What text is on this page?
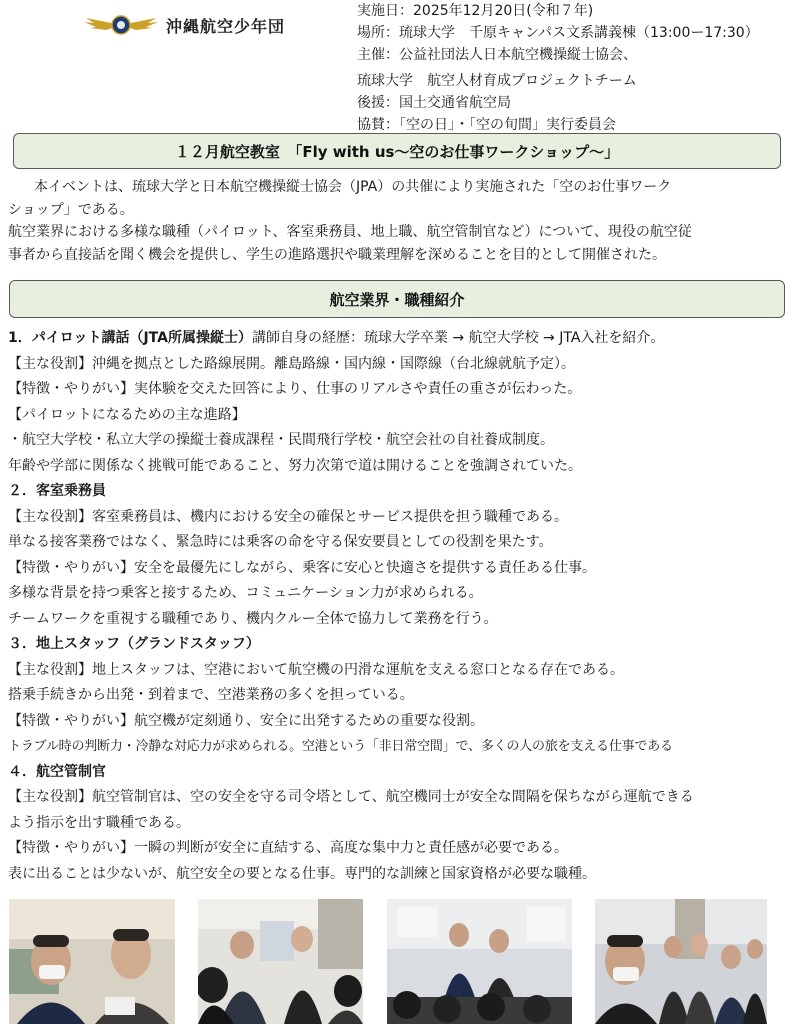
沖縄航空少年団
実施日：2025年12月20日(令和７年)
場所：琉球大学　千原キャンパス文系講義棟（13:00ー17:30）
主催：公益社団法人日本航空機操縦士協会、
琉球大学　航空人材育成プロジェクトチーム
後援：国土交通省航空局
協賛：「空の日」・「空の旬間」実行委員会
１２月航空教室　「Fly with us～空のお仕事ワークショップ～」
本イベントは、琉球大学と日本航空機操縦士協会（JPA）の共催により実施された「空のお仕事ワーク
ショップ」である。
航空業界における多様な職種（パイロット、客室乗務員、地上職、航空管制官など）について、現役の航空従
事者から直接話を聞く機会を提供し、学生の進路選択や職業理解を深めることを目的として開催された。
航空業界・職種紹介
1．パイロット講話（JTA所属操縦士）講師自身の経歴：琉球大学卒業 → 航空大学校 → JTA入社を紹介。
【主な役割】沖縄を拠点とした路線展開。離島路線・国内線・国際線（台北線就航予定）。
【特徴・やりがい】実体験を交えた回答により、仕事のリアルさや責任の重さが伝わった。
【パイロットになるための主な進路】
・航空大学校・私立大学の操縦士養成課程・民間飛行学校・航空会社の自社養成制度。
年齢や学部に関係なく挑戦可能であること、努力次第で道は開けることを強調されていた。
２．客室乗務員
【主な役割】客室乗務員は、機内における安全の確保とサービス提供を担う職種である。
単なる接客業務ではなく、緊急時には乗客の命を守る保安要員としての役割を果たす。
【特徴・やりがい】安全を最優先にしながら、乗客に安心と快適さを提供する責任ある仕事。
多様な背景を持つ乗客と接するため、コミュニケーション力が求められる。
チームワークを重視する職種であり、機内クルー全体で協力して業務を行う。
３．地上スタッフ（グランドスタッフ）
【主な役割】地上スタッフは、空港において航空機の円滑な運航を支える窓口となる存在である。
搭乗手続きから出発・到着まで、空港業務の多くを担っている。
【特徴・やりがい】航空機が定刻通り、安全に出発するための重要な役割。
トラブル時の判断力・冷静な対応力が求められる。空港という「非日常空間」で、多くの人の旅を支える仕事である
４．航空管制官
【主な役割】航空管制官は、空の安全を守る司令塔として、航空機同士が安全な間隔を保ちながら運航できる
よう指示を出す職種である。
【特徴・やりがい】一瞬の判断が安全に直結する、高度な集中力と責任感が必要である。
表に出ることは少ないが、航空安全の要となる仕事。専門的な訓練と国家資格が必要な職種。
